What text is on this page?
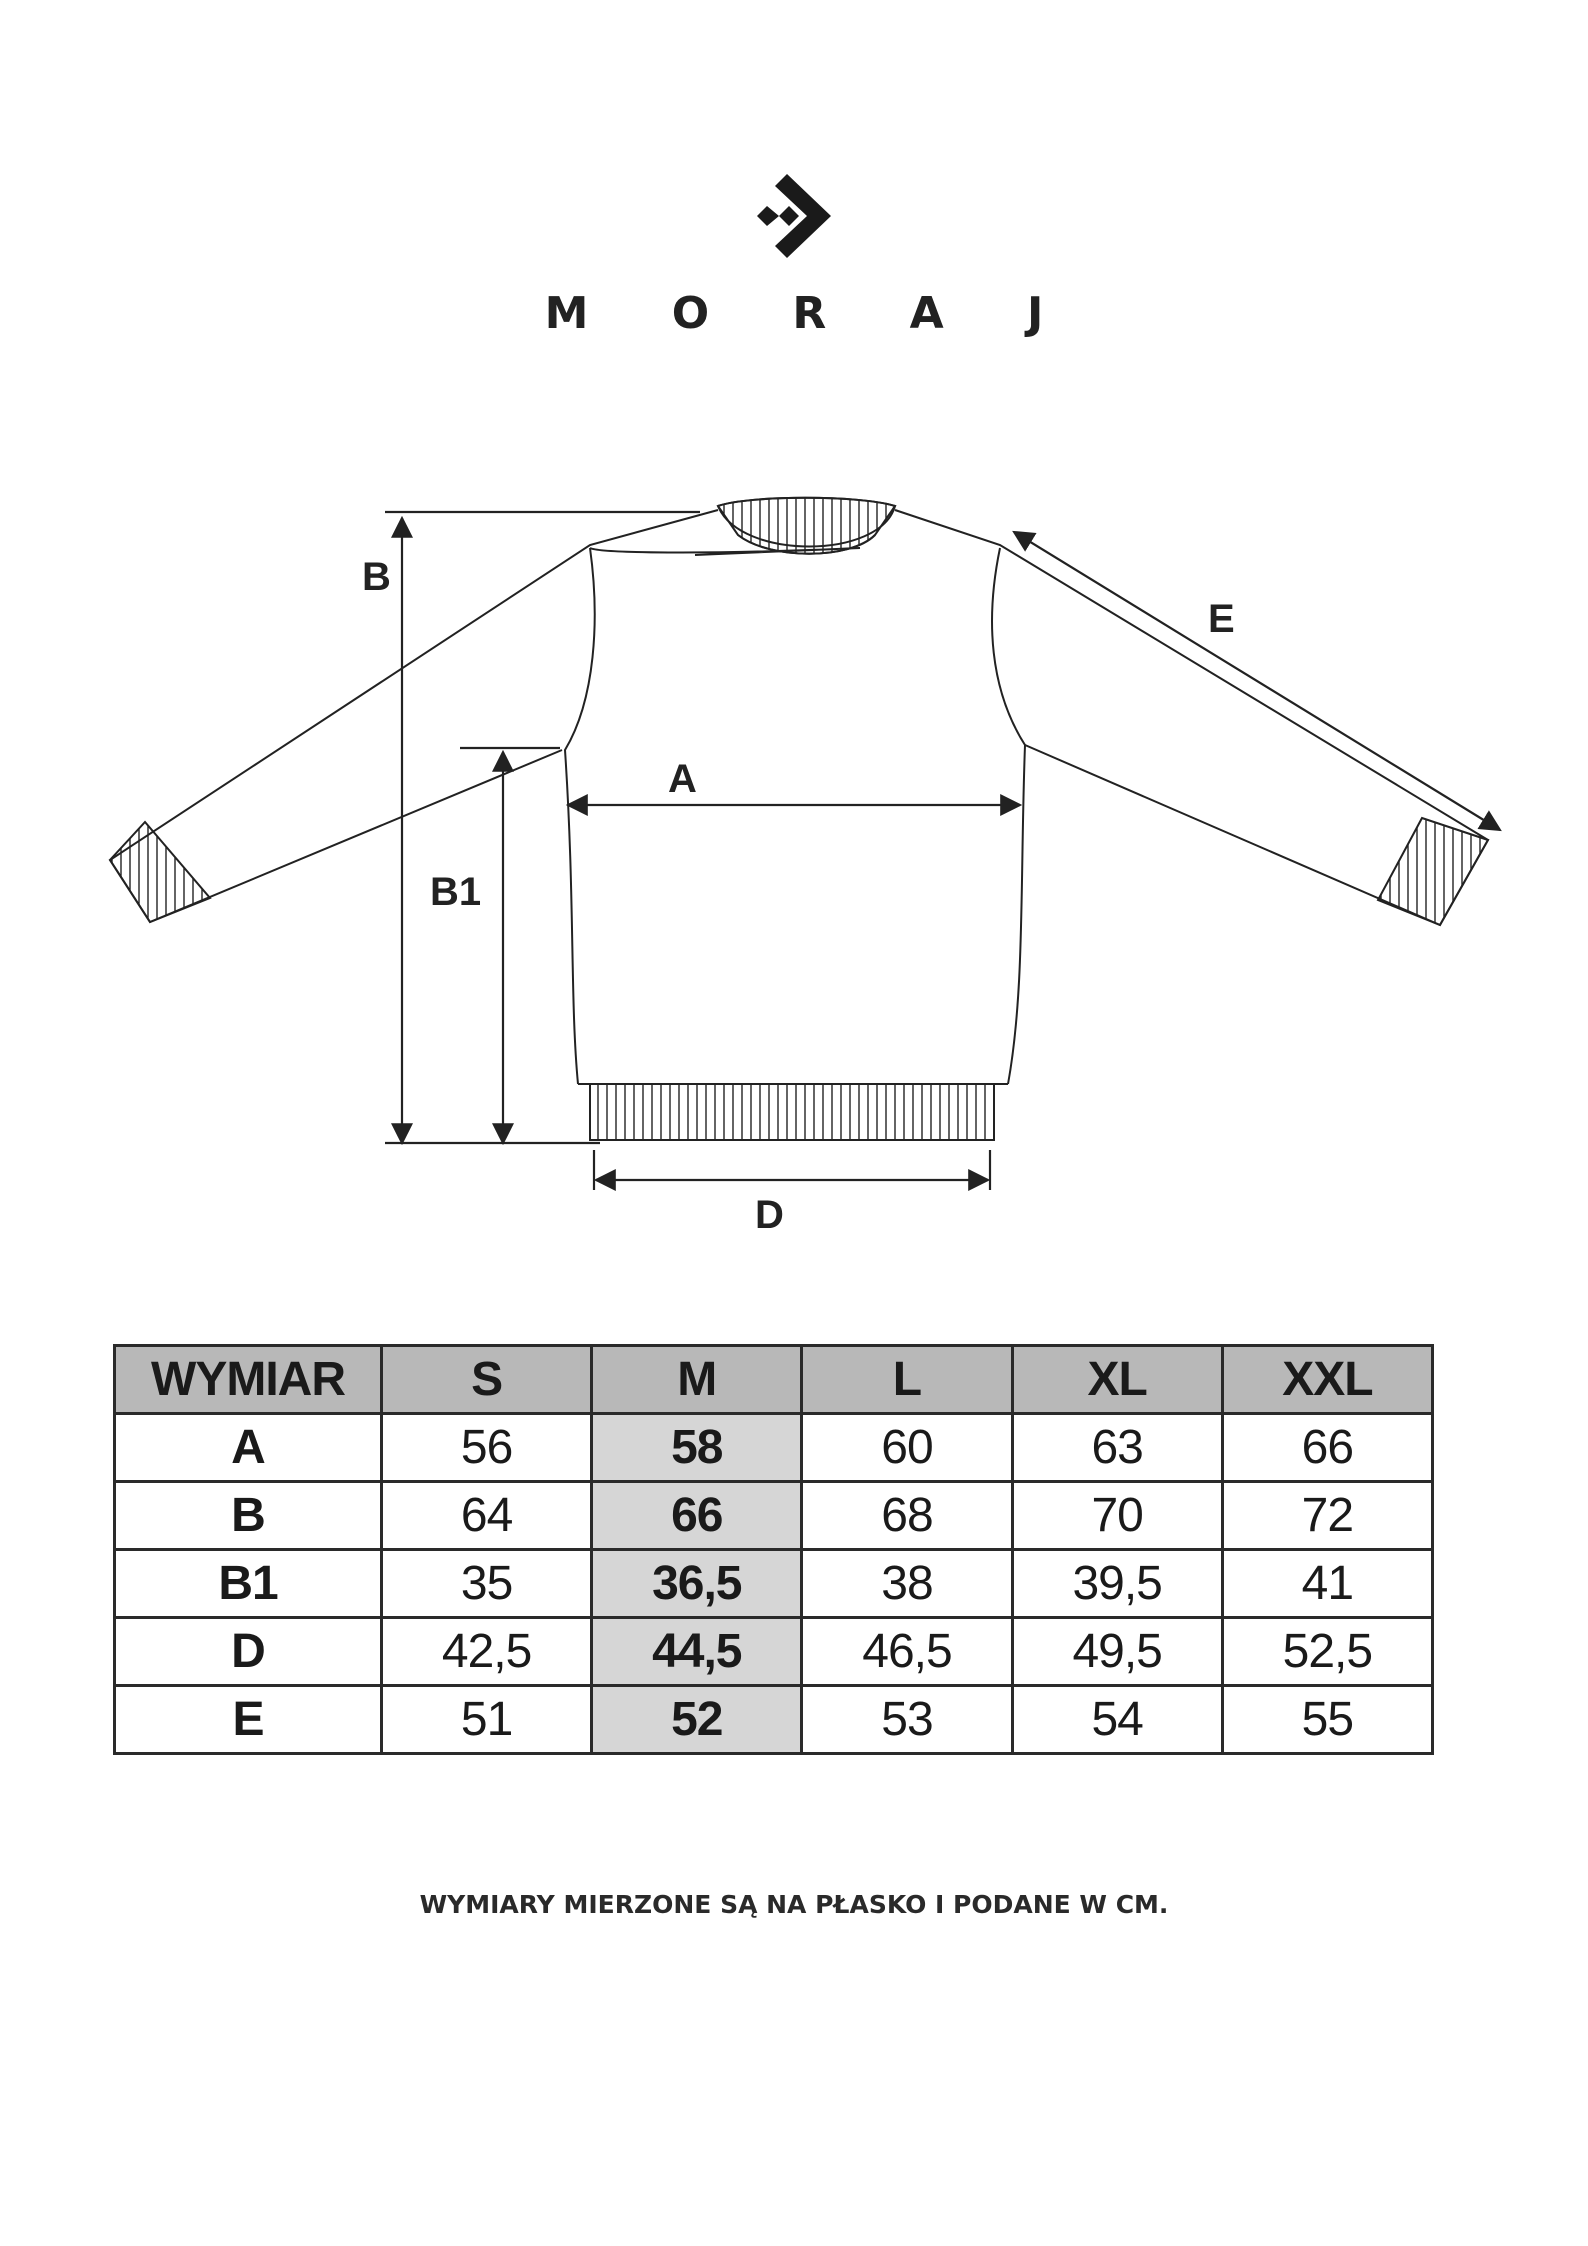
M O R A J
B
E
A
B1
D
WYMIAR	S	M	L	XL	XXL
A	56	58	60	63	66
B	64	66	68	70	72
B1	35	36,5	38	39,5	41
D	42,5	44,5	46,5	49,5	52,5
E	51	52	53	54	55
WYMIARY MIERZONE SĄ NA PŁASKO I PODANE W CM.
